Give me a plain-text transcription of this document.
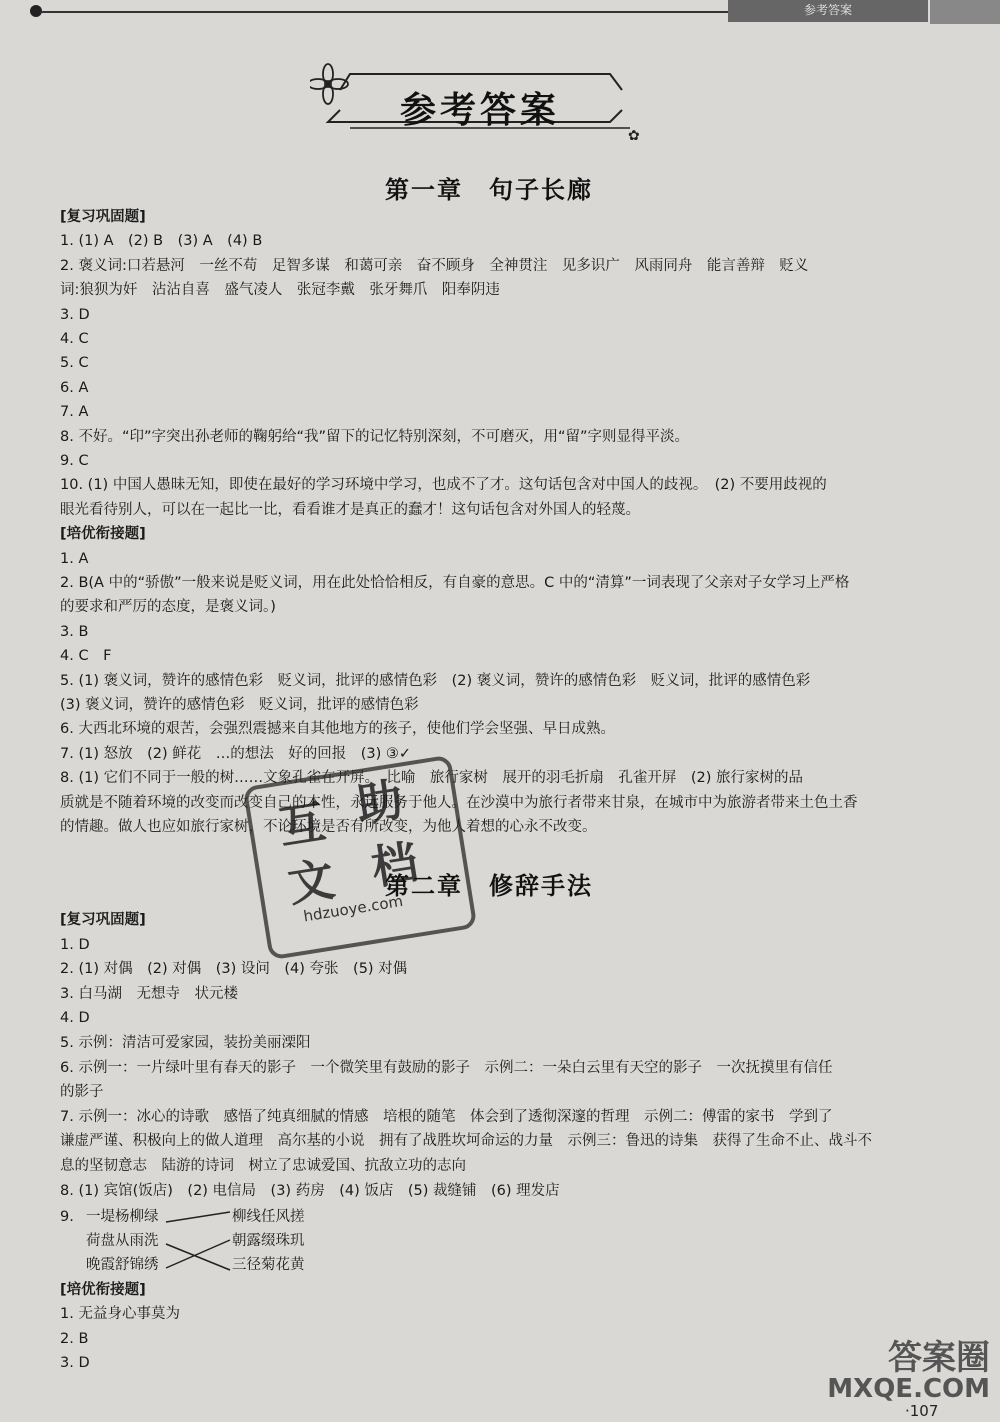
参考答案
✿
参考答案
第一章　句子长廊
[复习巩固题]
1. (1) A　(2) B　(3) A　(4) B
2. 褒义词:口若悬河　一丝不苟　足智多谋　和蔼可亲　奋不顾身　全神贯注　见多识广　风雨同舟　能言善辩　贬义
词:狼狈为奸　沾沾自喜　盛气凌人　张冠李戴　张牙舞爪　阳奉阴违
3. D
4. C
5. C
6. A
7. A
8. 不好。“印”字突出孙老师的鞠躬给“我”留下的记忆特别深刻，不可磨灭，用“留”字则显得平淡。
9. C
10. (1) 中国人愚昧无知，即使在最好的学习环境中学习，也成不了才。这句话包含对中国人的歧视。　(2) 不要用歧视的
眼光看待别人，可以在一起比一比，看看谁才是真正的蠢才！这句话包含对外国人的轻蔑。
[培优衔接题]
1. A
2. B(A 中的“骄傲”一般来说是贬义词，用在此处恰恰相反，有自豪的意思。C 中的“清算”一词表现了父亲对子女学习上严格
的要求和严厉的态度，是褒义词。)
3. B
4. C　F
5. (1) 褒义词，赞许的感情色彩　贬义词，批评的感情色彩　(2) 褒义词，赞许的感情色彩　贬义词，批评的感情色彩
(3) 褒义词，赞许的感情色彩　贬义词，批评的感情色彩
6. 大西北环境的艰苦，会强烈震撼来自其他地方的孩子，使他们学会坚强、早日成熟。
7. (1) 怒放　(2) 鲜花　…的想法　好的回报　(3) ③✓
8. (1) 它们不同于一般的树……文象孔雀在开屏。　比喻　旅行家树　展开的羽毛折扇　孔雀开屏　(2) 旅行家树的品
质就是不随着环境的改变而改变自己的本性，永远服务于他人。在沙漠中为旅行者带来甘泉，在城市中为旅游者带来土色土香
的情趣。做人也应如旅行家树，不论环境是否有所改变，为他人着想的心永不改变。
互 助
文 档
hdzuoye.com
第二章　修辞手法
[复习巩固题]
1. D
2. (1) 对偶　(2) 对偶　(3) 设问　(4) 夸张　(5) 对偶
3. 白马湖　无想寺　状元楼
4. D
5. 示例：清洁可爱家园，装扮美丽溧阳
6. 示例一：一片绿叶里有春天的影子　一个微笑里有鼓励的影子　示例二：一朵白云里有天空的影子　一次抚摸里有信任
的影子
7. 示例一：冰心的诗歌　感悟了纯真细腻的情感　培根的随笔　体会到了透彻深邃的哲理　示例二：傅雷的家书　学到了
谦虚严谨、积极向上的做人道理　高尔基的小说　拥有了战胜坎坷命运的力量　示例三：鲁迅的诗集　获得了生命不止、战斗不
息的坚韧意志　陆游的诗词　树立了忠诚爱国、抗敌立功的志向
8. (1) 宾馆(饭店)　(2) 电信局　(3) 药房　(4) 饭店　(5) 裁缝铺　(6) 理发店
9. 一堤杨柳绿
荷盘从雨洗
晚霞舒锦绣
柳线任风搓
朝露缀珠玑
三径菊花黄
[培优衔接题]
1. 无益身心事莫为
2. B
3. D	答案圈
MXQE.COM
·107
